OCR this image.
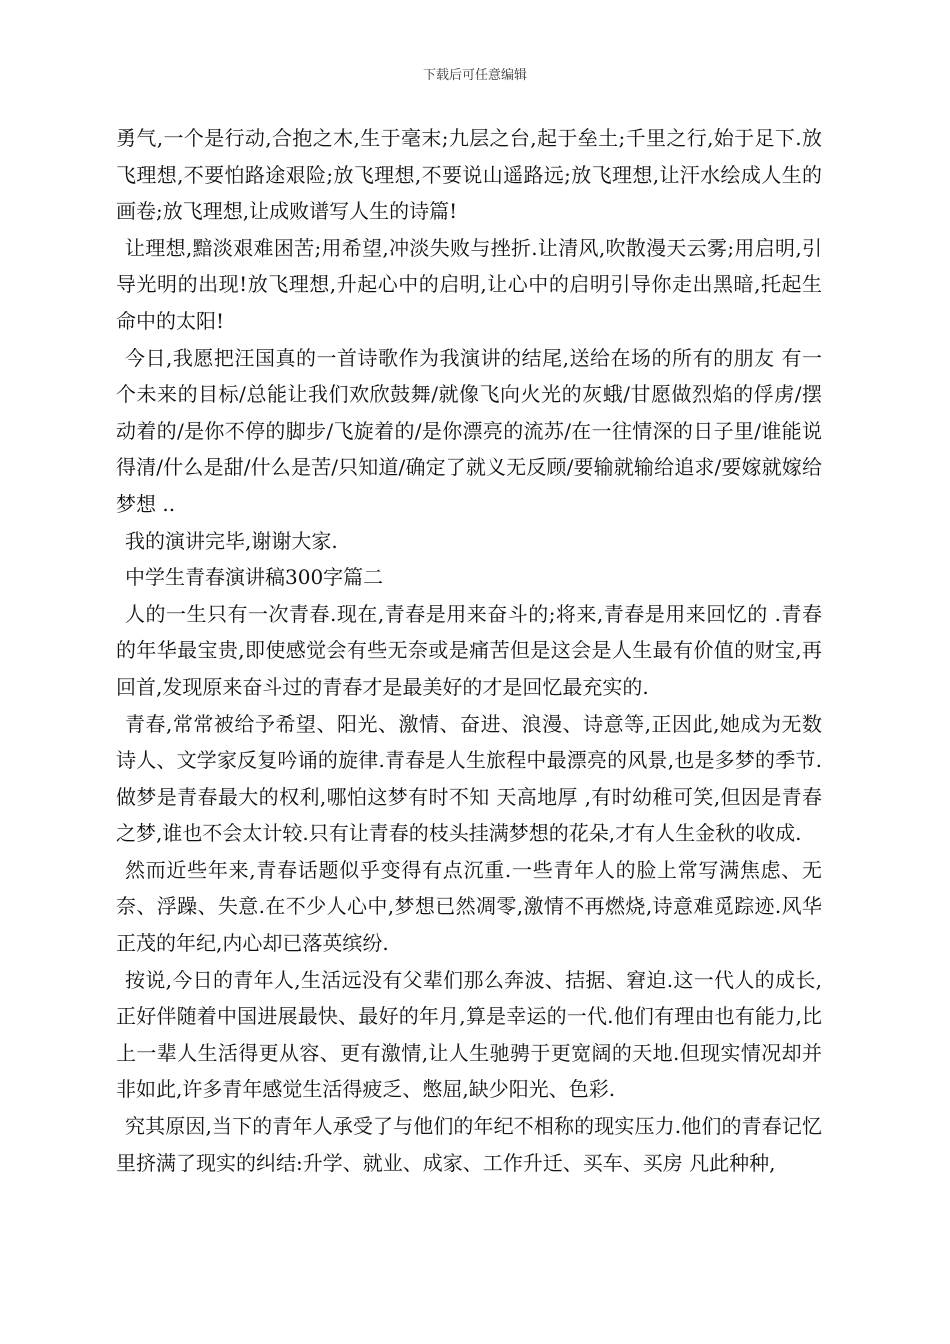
下载后可任意编辑

勇气,一个是行动,合抱之木,生于毫末;九层之台,起于垒土;千里之行,始于足下.放飞理想,不要怕路途艰险;放飞理想,不要说山遥路远;放飞理想,让汗水绘成人生的画卷;放飞理想,让成败谱写人生的诗篇!

让理想,黯淡艰难困苦;用希望,冲淡失败与挫折.让清风,吹散漫天云雾;用启明,引导光明的出现!放飞理想,升起心中的启明,让心中的启明引导你走出黑暗,托起生命中的太阳!

今日,我愿把汪国真的一首诗歌作为我演讲的结尾,送给在场的所有的朋友 有一个未来的目标/总能让我们欢欣鼓舞/就像飞向火光的灰蛾/甘愿做烈焰的俘虏/摆动着的/是你不停的脚步/飞旋着的/是你漂亮的流苏/在一往情深的日子里/谁能说得清/什么是甜/什么是苦/只知道/确定了就义无反顾/要输就输给追求/要嫁就嫁给梦想 ..

我的演讲完毕,谢谢大家.

中学生青春演讲稿300字篇二

人的一生只有一次青春.现在,青春是用来奋斗的;将来,青春是用来回忆的 .青春的年华最宝贵,即使感觉会有些无奈或是痛苦但是这会是人生最有价值的财宝,再回首,发现原来奋斗过的青春才是最美好的才是回忆最充实的.

青春,常常被给予希望、阳光、激情、奋进、浪漫、诗意等,正因此,她成为无数诗人、文学家反复吟诵的旋律.青春是人生旅程中最漂亮的风景,也是多梦的季节.做梦是青春最大的权利,哪怕这梦有时不知 天高地厚 ,有时幼稚可笑,但因是青春之梦,谁也不会太计较.只有让青春的枝头挂满梦想的花朵,才有人生金秋的收成.

然而近些年来,青春话题似乎变得有点沉重.一些青年人的脸上常写满焦虑、无奈、浮躁、失意.在不少人心中,梦想已然凋零,激情不再燃烧,诗意难觅踪迹.风华正茂的年纪,内心却已落英缤纷.

按说,今日的青年人,生活远没有父辈们那么奔波、拮据、窘迫.这一代人的成长,正好伴随着中国进展最快、最好的年月,算是幸运的一代.他们有理由也有能力,比上一辈人生活得更从容、更有激情,让人生驰骋于更宽阔的天地.但现实情况却并非如此,许多青年感觉生活得疲乏、憋屈,缺少阳光、色彩.

究其原因,当下的青年人承受了与他们的年纪不相称的现实压力.他们的青春记忆里挤满了现实的纠结:升学、就业、成家、工作升迁、买车、买房 凡此种种,
